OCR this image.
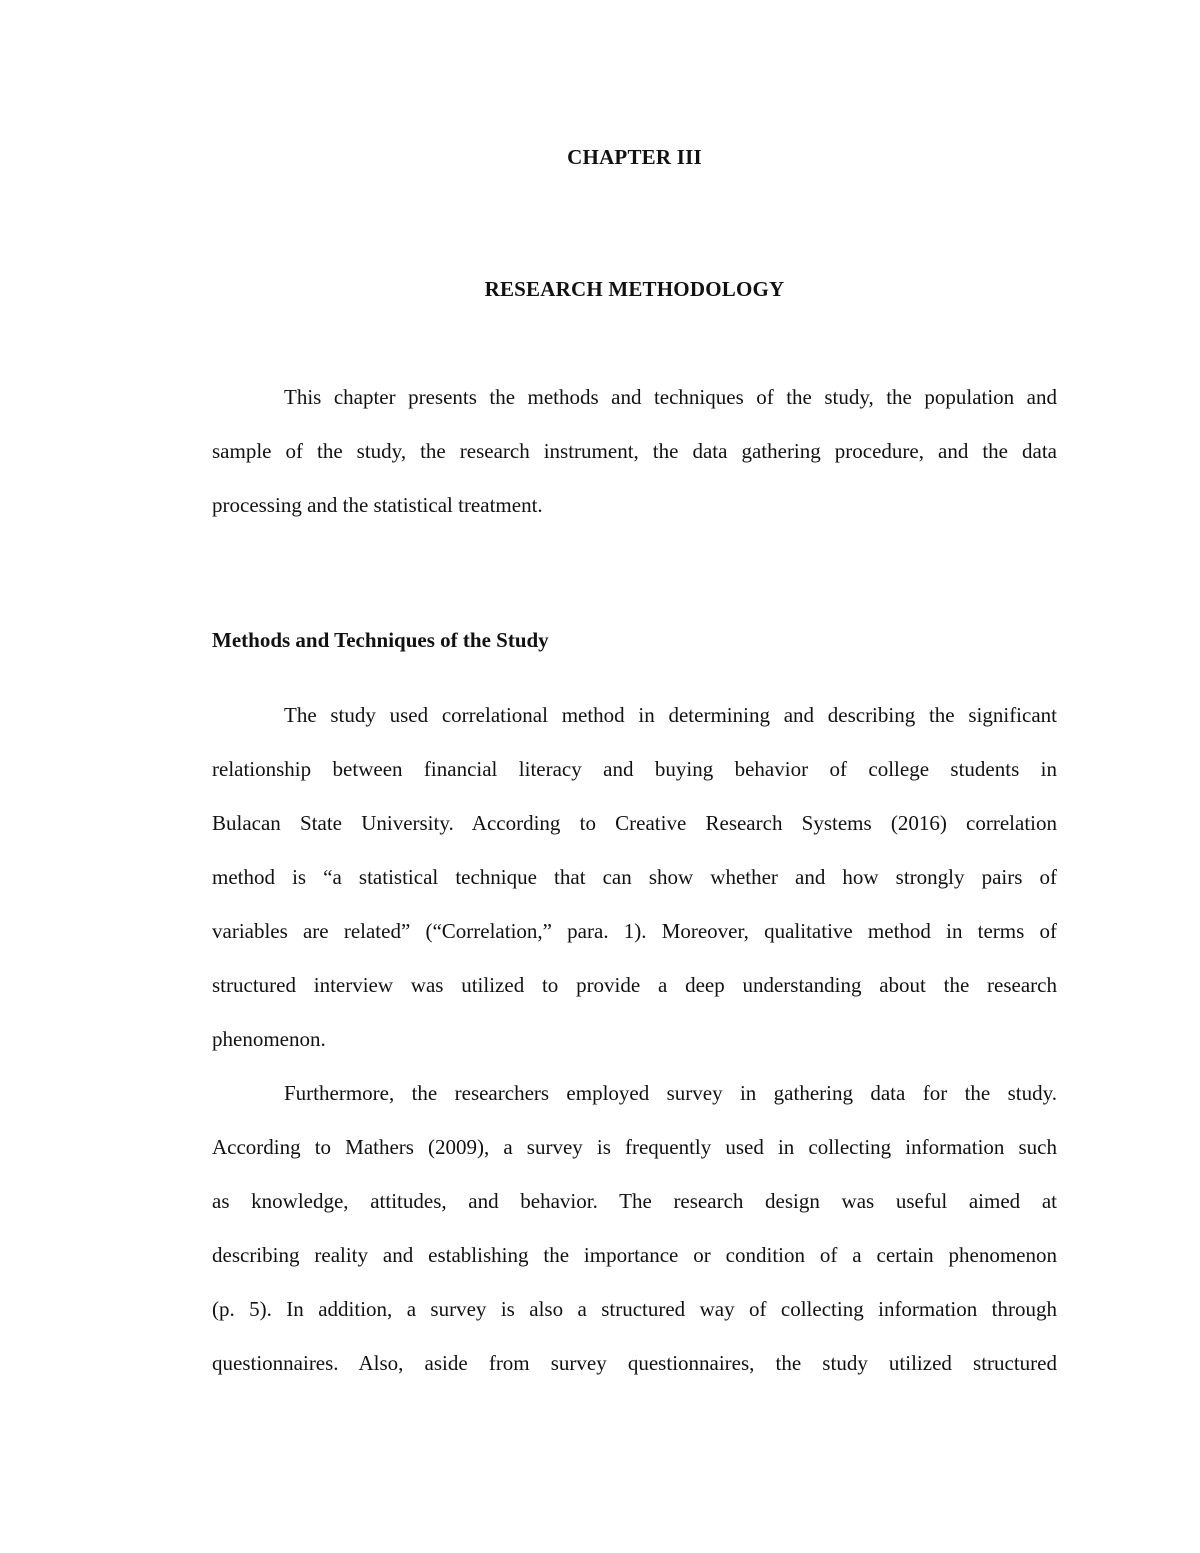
CHAPTER III
RESEARCH METHODOLOGY
This chapter presents the methods and techniques of the study, the population and
sample of the study, the research instrument, the data gathering procedure, and the data
processing and the statistical treatment.
Methods and Techniques of the Study
The study used correlational method in determining and describing the significant
relationship between financial literacy and buying behavior of college students in
Bulacan State University. According to Creative Research Systems (2016) correlation
method is “a statistical technique that can show whether and how strongly pairs of
variables are related” (“Correlation,” para. 1). Moreover, qualitative method in terms of
structured interview was utilized to provide a deep understanding about the research
phenomenon.
Furthermore, the researchers employed survey in gathering data for the study.
According to Mathers (2009), a survey is frequently used in collecting information such
as knowledge, attitudes, and behavior. The research design was useful aimed at
describing reality and establishing the importance or condition of a certain phenomenon
(p. 5). In addition, a survey is also a structured way of collecting information through
questionnaires. Also, aside from survey questionnaires, the study utilized structured
